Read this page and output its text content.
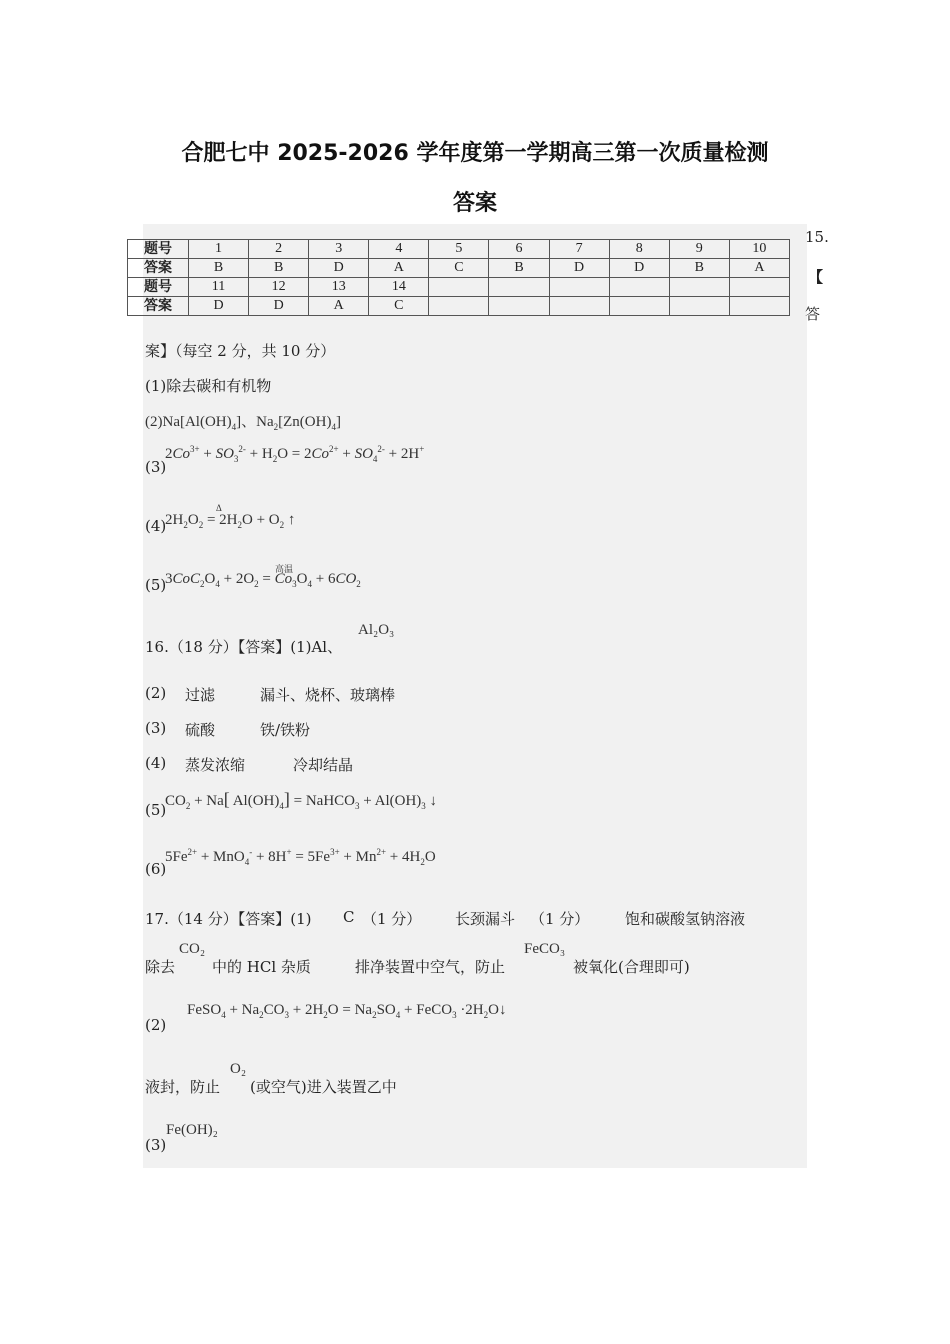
合肥七中 2025-2026 学年度第一学期高三第一次质量检测
答案
题号	1	2	3	4	5	6	7	8	9	10
答案	B	B	D	A	C	B	D	D	B	A
题号	11	12	13	14						
答案	D	D	A	C						
15.
【
答
案】（每空 2 分，共 10 分）
(1)除去碳和有机物
$(2)Na[Al(OH)_4]$、$Na_2[Zn(OH)_4]$
(3)
$2Co^{3+} + SO_3^{2-} + H_2O = 2Co^{2+} + SO_4^{2-} + 2H^+$
(4)
Δ
$2H_2O_2 = 2H_2O + O_2$ ↑
(5)
高温
$3CoC_2O_4 + 2O_2 = Co_3O_4 + 6CO_2$
16.（18 分）【答案】(1)Al、
Al₂O₃
(2) 过滤	漏斗、烧杯、玻璃棒
(3) 硫酸	铁/铁粉
(4) 蒸发浓缩	冷却结晶
(5)
$CO_2 + Na$[ $Al(OH)_4$] = NaHCO$_3$ + $Al(OH)_3$ ↓
(6)
$5Fe^{2+} + MnO_4^- + 8H^+ = 5Fe^{3+} + Mn^{2+} + 4H_2O$
17.（14 分）【答案】(1) C （1 分） 长颈漏斗 （1 分） 饱和碳酸氢钠溶液
除去
CO₂
中的 HCl 杂质	排净装置中空气，防止
FeCO₃
被氧化(合理即可)
(2)
FeSO$_4$ + $Na_2CO_3 + 2H_2O = Na_2SO_4$ + FeCO$_3$ $\cdot 2H_2O↓$
液封，防止
O₂
(或空气)进入装置乙中
(3)
Fe(OH)₂
